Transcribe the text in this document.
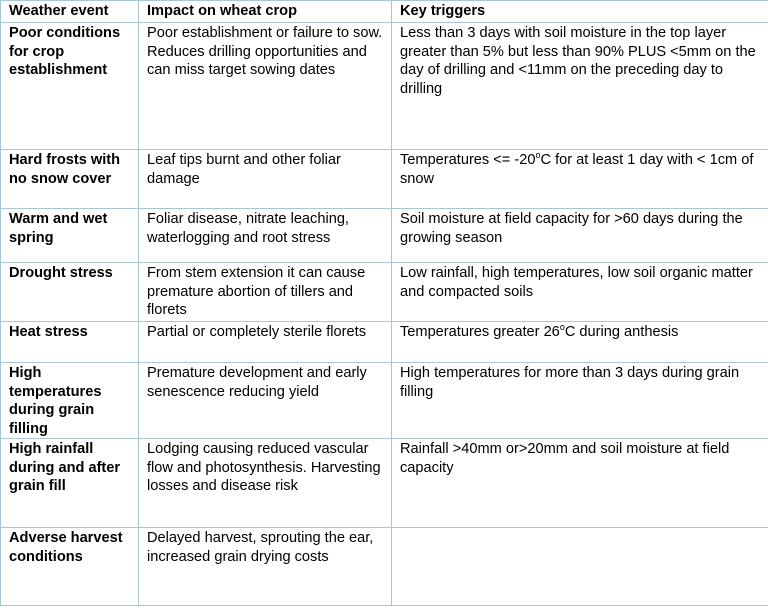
Weather event	Impact on wheat crop	Key triggers
Poor conditions for crop establishment	Poor establishment or failure to sow. Reduces drilling opportunities and can miss target sowing dates	Less than 3 days with soil moisture in the top layer greater than 5% but less than 90% PLUS <5mm on the day of drilling and <11mm on the preceding day to drilling
Hard frosts with no snow cover	Leaf tips burnt and other foliar damage	Temperatures <= $-20^oC$ for at least 1 day with < 1cm of snow
Warm and wet spring	Foliar disease, nitrate leaching, waterlogging and root stress	Soil moisture at field capacity for >60 days during the growing season
Drought stress	From stem extension it can cause premature abortion of tillers and florets	Low rainfall, high temperatures, low soil organic matter and compacted soils
Heat stress	Partial or completely sterile florets	Temperatures greater 26$^o$C during anthesis
High temperatures during grain filling	Premature development and early senescence reducing yield	High temperatures for more than 3 days during grain filling
High rainfall during and after grain fill	Lodging causing reduced vascular flow and photosynthesis. Harvesting losses and disease risk	Rainfall >40mm or>20mm and soil moisture at field capacity
Adverse harvest conditions	Delayed harvest, sprouting the ear, increased grain drying costs	
